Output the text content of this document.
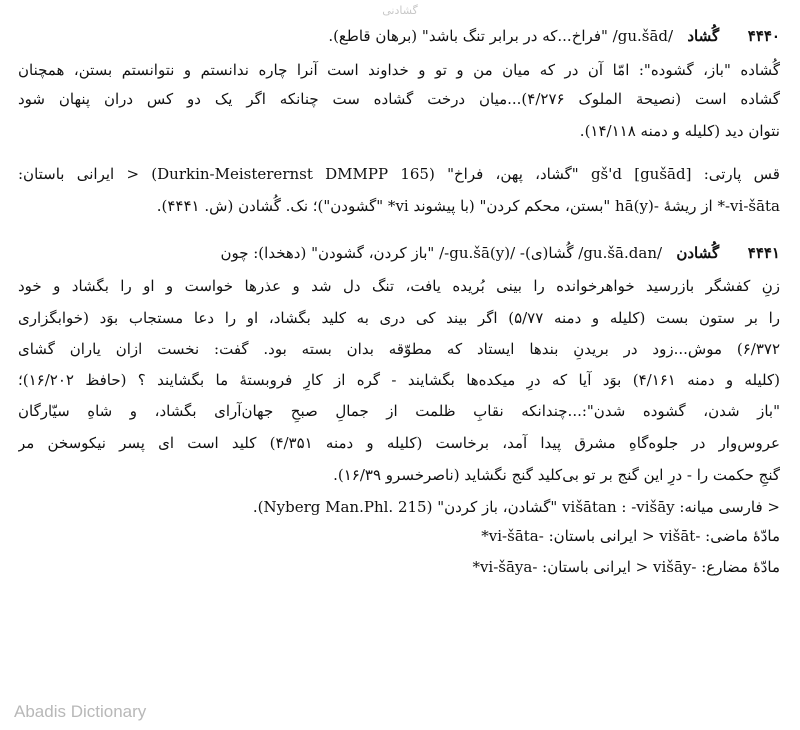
گشادنی
۴۴۴۰      گُشاد   /gu.šād/ "فراخ...که در برابر تنگ باشد" (برهان قاطع).
گُشاده "باز، گشوده": امّا آن در که میان من و تو و خداوند است آنرا چاره ندانستم و نتوانستم بستن، همچنان
گشاده است (نصیحة الملوک ۴/۲۷۶)...میان درخت گشاده ست چنانکه اگر یک دو کس دران پنهان شود
نتوان دید (کلیله و دمنه ۱۴/۱۱۸).
قس پارتی: gš'd [gušād] "گشاد، پهن، فراخ" (Durkin-Meisterernst DMMPP 165) < ایرانی باستان:
vi-šāta-* از ریشهٔ -hā(y) "بستن، محکم کردن" (با پیشوند vi* "گشودن")؛ نک. گُشادن (ش. ۴۴۴۱).
۴۴۴۱      گُشادن   /gu.šā.dan/ گُشا(ی)- /gu.šā(y)-/ "باز کردن، گشودن" (دهخدا): چون
زنِ کفشگر بازرسید خواهرخوانده را بینی بُریده یافت، تنگ دل شد و عذرها خواست و او را بگشاد و خود
را بر ستون بست (کلیله و دمنه ۵/۷۷) اگر بیند کی دری به کلید بگشاد، او را دعا مستجاب بوَد (خوابگزاری
۶/۳۷۲) موش...زود در بریدنِ بندها ایستاد که مطوّقه بدان بسته بود. گفت: نخست ازان یاران گشای
(کلیله و دمنه ۴/۱۶۱) بوَد آیا که درِ میکده‌ها بگشایند - گره از کارِ فروبستهٔ ما بگشایند ؟ (حافظ ۱۶/۲۰۲)؛
"باز شدن، گشوده شدن":...چندانکه نقابِ ظلمت از جمالِ صبحِ جهان‌آرای بگشاد، و شاهِ سیّارگان
عروس‌وار در جلوه‌گاهِ مشرق پیدا آمد، برخاست (کلیله و دمنه ۴/۳۵۱) کلید است ای پسر نیکوسخن مر
گنجِ حکمت را - درِ این گنج بر تو بی‌کلید گنج نگشاید (ناصرخسرو ۱۶/۳۹).
< فارسی میانه: višātan : -višāy "گشادن، باز کردن" (Nyberg Man.Phl. 215).
مادّهٔ ماضی: -višāt < ایرانی باستان: -vi-šāta*
مادّهٔ مضارع: -višāy < ایرانی باستان: -vi-šāya*
Abadis Dictionary
